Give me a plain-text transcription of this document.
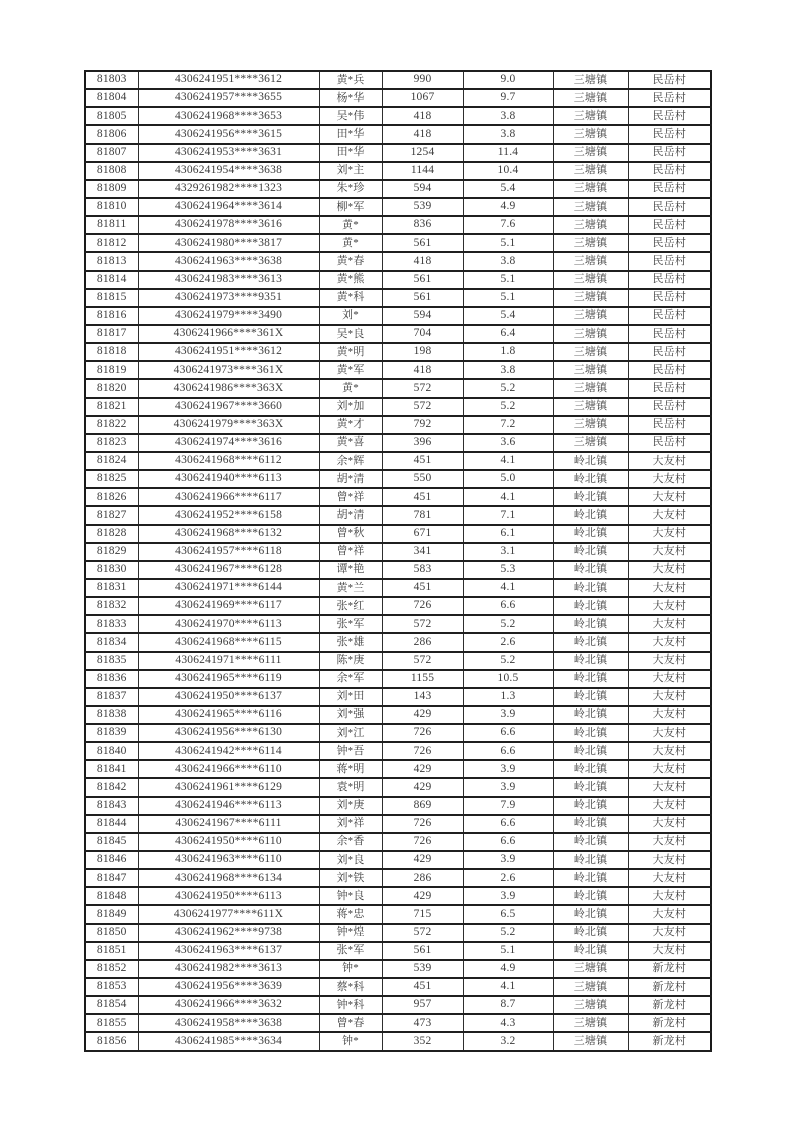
81803	4306241951****3612	黄*兵	990	9.0	三塘镇	民岳村
81804	4306241957****3655	杨*华	1067	9.7	三塘镇	民岳村
81805	4306241968****3653	吴*伟	418	3.8	三塘镇	民岳村
81806	4306241956****3615	田*华	418	3.8	三塘镇	民岳村
81807	4306241953****3631	田*华	1254	11.4	三塘镇	民岳村
81808	4306241954****3638	刘*主	1144	10.4	三塘镇	民岳村
81809	4329261982****1323	朱*珍	594	5.4	三塘镇	民岳村
81810	4306241964****3614	柳*军	539	4.9	三塘镇	民岳村
81811	4306241978****3616	黄*	836	7.6	三塘镇	民岳村
81812	4306241980****3817	黄*	561	5.1	三塘镇	民岳村
81813	4306241963****3638	黄*春	418	3.8	三塘镇	民岳村
81814	4306241983****3613	黄*熊	561	5.1	三塘镇	民岳村
81815	4306241973****9351	黄*科	561	5.1	三塘镇	民岳村
81816	4306241979****3490	刘*	594	5.4	三塘镇	民岳村
81817	4306241966****361X	吴*良	704	6.4	三塘镇	民岳村
81818	4306241951****3612	黄*明	198	1.8	三塘镇	民岳村
81819	4306241973****361X	黄*军	418	3.8	三塘镇	民岳村
81820	4306241986****363X	黄*	572	5.2	三塘镇	民岳村
81821	4306241967****3660	刘*加	572	5.2	三塘镇	民岳村
81822	4306241979****363X	黄*才	792	7.2	三塘镇	民岳村
81823	4306241974****3616	黄*喜	396	3.6	三塘镇	民岳村
81824	4306241968****6112	余*辉	451	4.1	岭北镇	大友村
81825	4306241940****6113	胡*清	550	5.0	岭北镇	大友村
81826	4306241966****6117	曾*祥	451	4.1	岭北镇	大友村
81827	4306241952****6158	胡*清	781	7.1	岭北镇	大友村
81828	4306241968****6132	曾*秋	671	6.1	岭北镇	大友村
81829	4306241957****6118	曾*祥	341	3.1	岭北镇	大友村
81830	4306241967****6128	谭*艳	583	5.3	岭北镇	大友村
81831	4306241971****6144	黄*兰	451	4.1	岭北镇	大友村
81832	4306241969****6117	张*红	726	6.6	岭北镇	大友村
81833	4306241970****6113	张*军	572	5.2	岭北镇	大友村
81834	4306241968****6115	张*雄	286	2.6	岭北镇	大友村
81835	4306241971****6111	陈*庚	572	5.2	岭北镇	大友村
81836	4306241965****6119	余*军	1155	10.5	岭北镇	大友村
81837	4306241950****6137	刘*田	143	1.3	岭北镇	大友村
81838	4306241965****6116	刘*强	429	3.9	岭北镇	大友村
81839	4306241956****6130	刘*江	726	6.6	岭北镇	大友村
81840	4306241942****6114	钟*吾	726	6.6	岭北镇	大友村
81841	4306241966****6110	蒋*明	429	3.9	岭北镇	大友村
81842	4306241961****6129	袁*明	429	3.9	岭北镇	大友村
81843	4306241946****6113	刘*庚	869	7.9	岭北镇	大友村
81844	4306241967****6111	刘*祥	726	6.6	岭北镇	大友村
81845	4306241950****6110	余*香	726	6.6	岭北镇	大友村
81846	4306241963****6110	刘*良	429	3.9	岭北镇	大友村
81847	4306241968****6134	刘*铁	286	2.6	岭北镇	大友村
81848	4306241950****6113	钟*良	429	3.9	岭北镇	大友村
81849	4306241977****611X	蒋*忠	715	6.5	岭北镇	大友村
81850	4306241962****9738	钟*煌	572	5.2	岭北镇	大友村
81851	4306241963****6137	张*军	561	5.1	岭北镇	大友村
81852	4306241982****3613	钟*	539	4.9	三塘镇	新龙村
81853	4306241956****3639	蔡*科	451	4.1	三塘镇	新龙村
81854	4306241966****3632	钟*科	957	8.7	三塘镇	新龙村
81855	4306241958****3638	曾*春	473	4.3	三塘镇	新龙村
81856	4306241985****3634	钟*	352	3.2	三塘镇	新龙村
